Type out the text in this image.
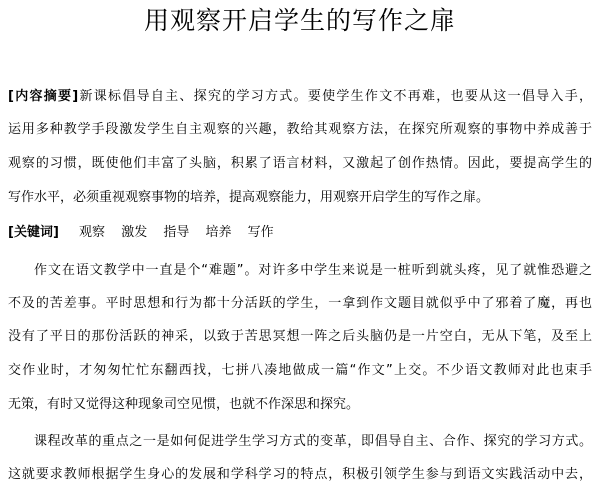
用观察开启学生的写作之扉
[内容摘要]新课标倡导自主、探究的学习方式。要使学生作文不再难，也要从这一倡导入手，
运用多种教学手段激发学生自主观察的兴趣，教给其观察方法，在探究所观察的事物中养成善于
观察的习惯，既使他们丰富了头脑，积累了语言材料，又激起了创作热情。因此，要提高学生的
写作水平，必须重视观察事物的培养，提高观察能力，用观察开启学生的写作之扉。
[关键词] 观察 激发 指导 培养 写作
作文在语文教学中一直是个“难题”。对许多中学生来说是一桩听到就头疼，见了就惟恐避之
不及的苦差事。平时思想和行为都十分活跃的学生，一拿到作文题目就似乎中了邪着了魔，再也
没有了平日的那份活跃的神采，以致于苦思冥想一阵之后头脑仍是一片空白，无从下笔，及至上
交作业时，才匆匆忙忙东翻西找，七拼八凑地做成一篇“作文”上交。不少语文教师对此也束手
无策，有时又觉得这种现象司空见惯，也就不作深思和探究。
课程改革的重点之一是如何促进学生学习方式的变革，即倡导自主、合作、探究的学习方式。
这就要求教师根据学生身心的发展和学科学习的特点，积极引领学生参与到语文实践活动中去，
